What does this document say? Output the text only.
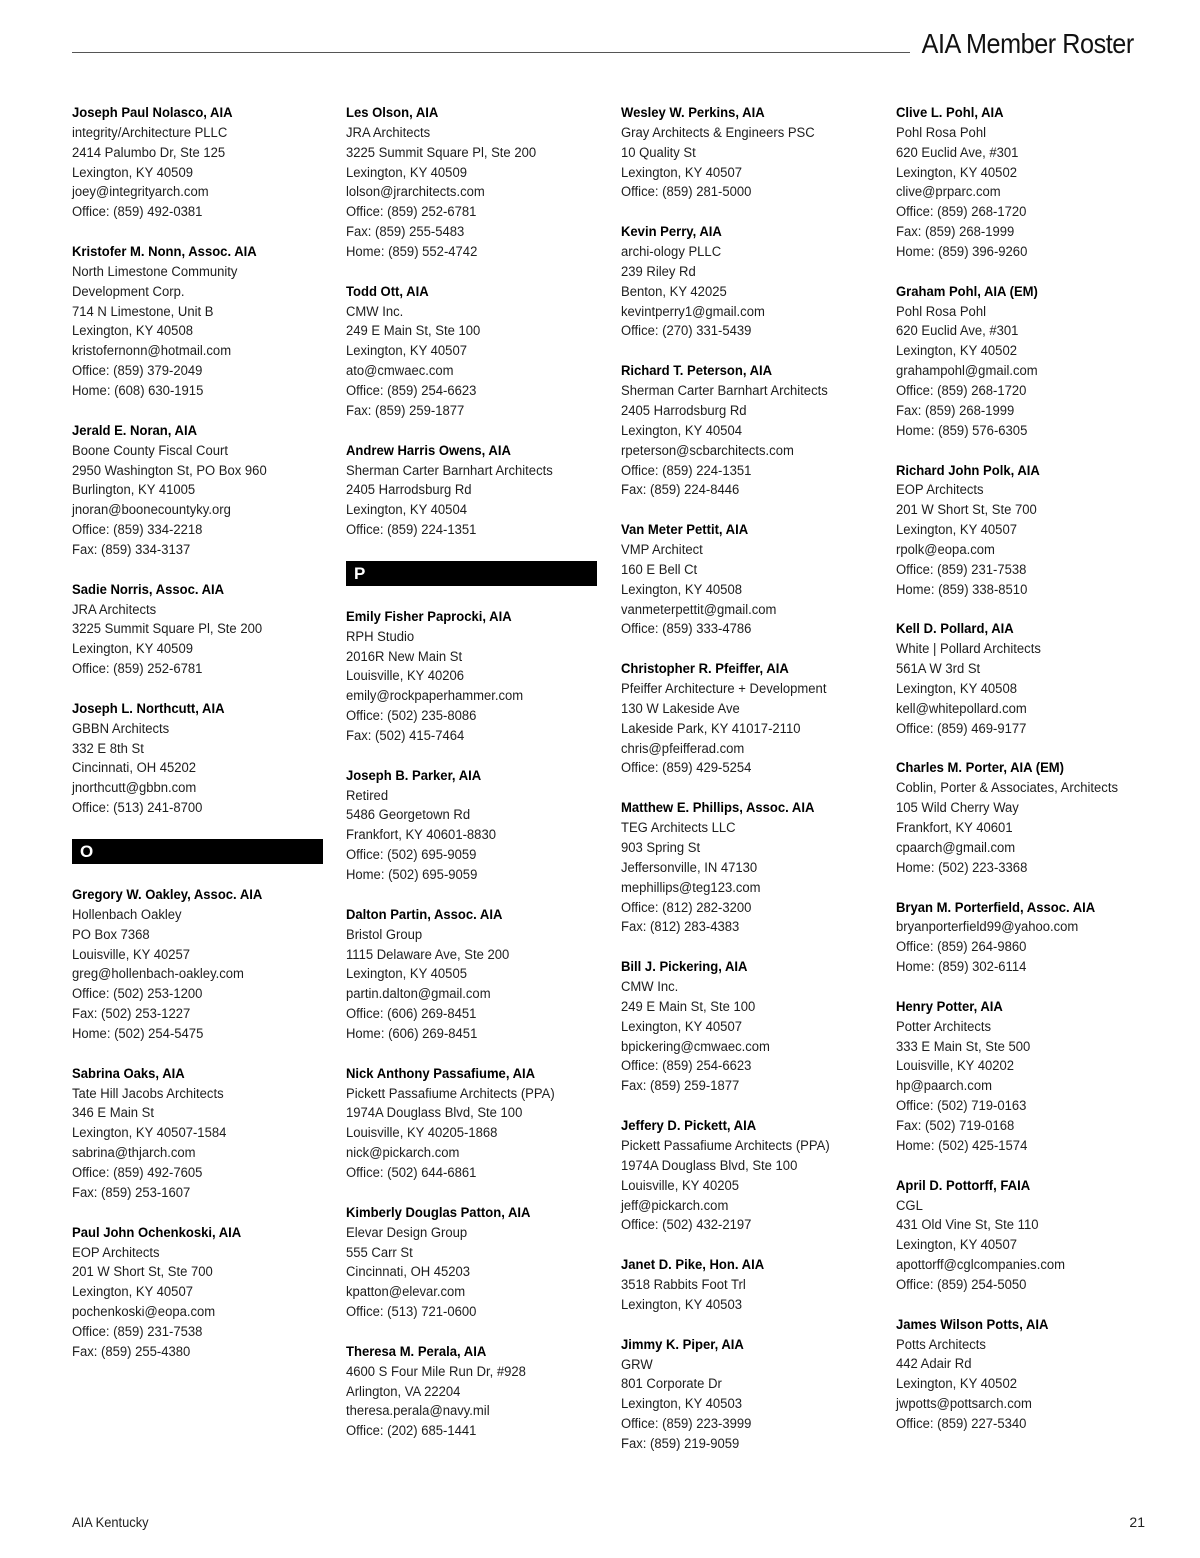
AIA Member Roster
Joseph Paul Nolasco, AIA
integrity/Architecture PLLC
2414 Palumbo Dr, Ste 125
Lexington, KY 40509
joey@integrityarch.com
Office: (859) 492-0381
Kristofer M. Nonn, Assoc. AIA
North Limestone Community
Development Corp.
714 N Limestone, Unit B
Lexington, KY 40508
kristofernonn@hotmail.com
Office: (859) 379-2049
Home: (608) 630-1915
Jerald E. Noran, AIA
Boone County Fiscal Court
2950 Washington St, PO Box 960
Burlington, KY 41005
jnoran@boonecountyky.org
Office: (859) 334-2218
Fax: (859) 334-3137
Sadie Norris, Assoc. AIA
JRA Architects
3225 Summit Square Pl, Ste 200
Lexington, KY 40509
Office: (859) 252-6781
Joseph L. Northcutt, AIA
GBBN Architects
332 E 8th St
Cincinnati, OH 45202
jnorthcutt@gbbn.com
Office: (513) 241-8700
O
Gregory W. Oakley, Assoc. AIA
Hollenbach Oakley
PO Box 7368
Louisville, KY 40257
greg@hollenbach-oakley.com
Office: (502) 253-1200
Fax: (502) 253-1227
Home: (502) 254-5475
Sabrina Oaks, AIA
Tate Hill Jacobs Architects
346 E Main St
Lexington, KY 40507-1584
sabrina@thjarch.com
Office: (859) 492-7605
Fax: (859) 253-1607
Paul John Ochenkoski, AIA
EOP Architects
201 W Short St, Ste 700
Lexington, KY 40507
pochenkoski@eopa.com
Office: (859) 231-7538
Fax: (859) 255-4380
Les Olson, AIA
JRA Architects
3225 Summit Square Pl, Ste 200
Lexington, KY 40509
lolson@jrarchitects.com
Office: (859) 252-6781
Fax: (859) 255-5483
Home: (859) 552-4742
Todd Ott, AIA
CMW Inc.
249 E Main St, Ste 100
Lexington, KY 40507
ato@cmwaec.com
Office: (859) 254-6623
Fax: (859) 259-1877
Andrew Harris Owens, AIA
Sherman Carter Barnhart Architects
2405 Harrodsburg Rd
Lexington, KY 40504
Office: (859) 224-1351
P
Emily Fisher Paprocki, AIA
RPH Studio
2016R New Main St
Louisville, KY 40206
emily@rockpaperhammer.com
Office: (502) 235-8086
Fax: (502) 415-7464
Joseph B. Parker, AIA
Retired
5486 Georgetown Rd
Frankfort, KY 40601-8830
Office: (502) 695-9059
Home: (502) 695-9059
Dalton Partin, Assoc. AIA
Bristol Group
1115 Delaware Ave, Ste 200
Lexington, KY 40505
partin.dalton@gmail.com
Office: (606) 269-8451
Home: (606) 269-8451
Nick Anthony Passafiume, AIA
Pickett Passafiume Architects (PPA)
1974A Douglass Blvd, Ste 100
Louisville, KY 40205-1868
nick@pickarch.com
Office: (502) 644-6861
Kimberly Douglas Patton, AIA
Elevar Design Group
555 Carr St
Cincinnati, OH 45203
kpatton@elevar.com
Office: (513) 721-0600
Theresa M. Perala, AIA
4600 S Four Mile Run Dr, #928
Arlington, VA 22204
theresa.perala@navy.mil
Office: (202) 685-1441
Wesley W. Perkins, AIA
Gray Architects & Engineers PSC
10 Quality St
Lexington, KY 40507
Office: (859) 281-5000
Kevin Perry, AIA
archi-ology PLLC
239 Riley Rd
Benton, KY 42025
kevintperry1@gmail.com
Office: (270) 331-5439
Richard T. Peterson, AIA
Sherman Carter Barnhart Architects
2405 Harrodsburg Rd
Lexington, KY 40504
rpeterson@scbarchitects.com
Office: (859) 224-1351
Fax: (859) 224-8446
Van Meter Pettit, AIA
VMP Architect
160 E Bell Ct
Lexington, KY 40508
vanmeterpettit@gmail.com
Office: (859) 333-4786
Christopher R. Pfeiffer, AIA
Pfeiffer Architecture + Development
130 W Lakeside Ave
Lakeside Park, KY 41017-2110
chris@pfeifferad.com
Office: (859) 429-5254
Matthew E. Phillips, Assoc. AIA
TEG Architects LLC
903 Spring St
Jeffersonville, IN 47130
mephillips@teg123.com
Office: (812) 282-3200
Fax: (812) 283-4383
Bill J. Pickering, AIA
CMW Inc.
249 E Main St, Ste 100
Lexington, KY 40507
bpickering@cmwaec.com
Office: (859) 254-6623
Fax: (859) 259-1877
Jeffery D. Pickett, AIA
Pickett Passafiume Architects (PPA)
1974A Douglass Blvd, Ste 100
Louisville, KY 40205
jeff@pickarch.com
Office: (502) 432-2197
Janet D. Pike, Hon. AIA
3518 Rabbits Foot Trl
Lexington, KY 40503
Jimmy K. Piper, AIA
GRW
801 Corporate Dr
Lexington, KY 40503
Office: (859) 223-3999
Fax: (859) 219-9059
Clive L. Pohl, AIA
Pohl Rosa Pohl
620 Euclid Ave, #301
Lexington, KY 40502
clive@prparc.com
Office: (859) 268-1720
Fax: (859) 268-1999
Home: (859) 396-9260
Graham Pohl, AIA (EM)
Pohl Rosa Pohl
620 Euclid Ave, #301
Lexington, KY 40502
grahampohl@gmail.com
Office: (859) 268-1720
Fax: (859) 268-1999
Home: (859) 576-6305
Richard John Polk, AIA
EOP Architects
201 W Short St, Ste 700
Lexington, KY 40507
rpolk@eopa.com
Office: (859) 231-7538
Home: (859) 338-8510
Kell D. Pollard, AIA
White | Pollard Architects
561A W 3rd St
Lexington, KY 40508
kell@whitepollard.com
Office: (859) 469-9177
Charles M. Porter, AIA (EM)
Coblin, Porter & Associates, Architects
105 Wild Cherry Way
Frankfort, KY 40601
cpaarch@gmail.com
Home: (502) 223-3368
Bryan M. Porterfield, Assoc. AIA
bryanporterfield99@yahoo.com
Office: (859) 264-9860
Home: (859) 302-6114
Henry Potter, AIA
Potter Architects
333 E Main St, Ste 500
Louisville, KY 40202
hp@paarch.com
Office: (502) 719-0163
Fax: (502) 719-0168
Home: (502) 425-1574
April D. Pottorff, FAIA
CGL
431 Old Vine St, Ste 110
Lexington, KY 40507
apottorff@cglcompanies.com
Office: (859) 254-5050
James Wilson Potts, AIA
Potts Architects
442 Adair Rd
Lexington, KY 40502
jwpotts@pottsarch.com
Office: (859) 227-5340
AIA Kentucky	21
